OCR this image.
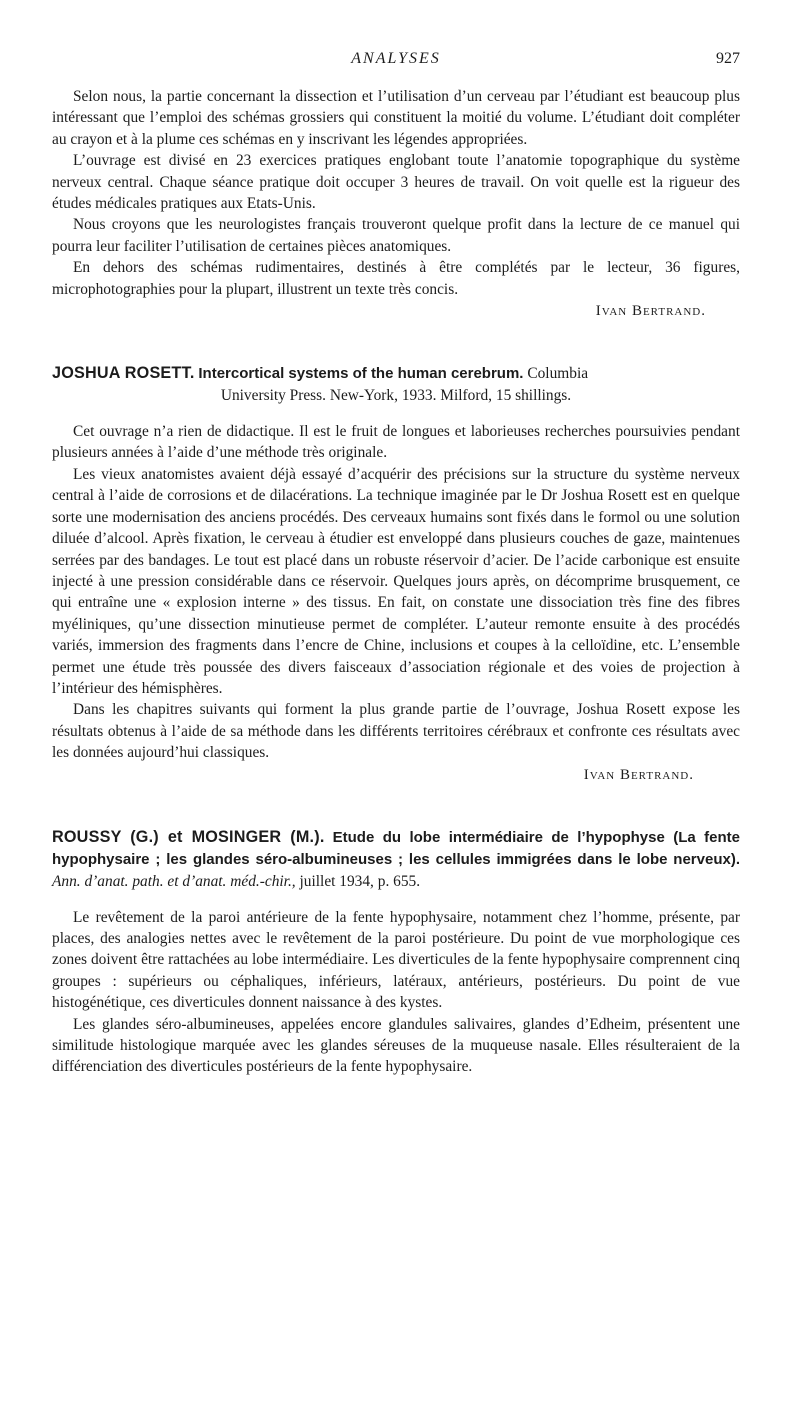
ANALYSES	927

Selon nous, la partie concernant la dissection et l’utilisation d’un cerveau par l’étudiant est beaucoup plus intéressant que l’emploi des schémas grossiers qui constituent la moitié du volume. L’étudiant doit compléter au crayon et à la plume ces schémas en y inscrivant les légendes appropriées.

L’ouvrage est divisé en 23 exercices pratiques englobant toute l’anatomie topographique du système nerveux central. Chaque séance pratique doit occuper 3 heures de travail. On voit quelle est la rigueur des études médicales pratiques aux Etats-Unis.

Nous croyons que les neurologistes français trouveront quelque profit dans la lecture de ce manuel qui pourra leur faciliter l’utilisation de certaines pièces anatomiques.

En dehors des schémas rudimentaires, destinés à être complétés par le lecteur, 36 figures, microphotographies pour la plupart, illustrent un texte très concis.

Ivan Bertrand.
JOSHUA ROSETT. Intercortical systems of the human cerebrum. Columbia
University Press. New-York, 1933. Milford, 15 shillings.

Cet ouvrage n’a rien de didactique. Il est le fruit de longues et laborieuses recherches poursuivies pendant plusieurs années à l’aide d’une méthode très originale.

Les vieux anatomistes avaient déjà essayé d’acquérir des précisions sur la structure du système nerveux central à l’aide de corrosions et de dilacérations. La technique imaginée par le Dr Joshua Rosett est en quelque sorte une modernisation des anciens procédés. Des cerveaux humains sont fixés dans le formol ou une solution diluée d’alcool. Après fixation, le cerveau à étudier est enveloppé dans plusieurs couches de gaze, maintenues serrées par des bandages. Le tout est placé dans un robuste réservoir d’acier. De l’acide carbonique est ensuite injecté à une pression considérable dans ce réservoir. Quelques jours après, on décomprime brusquement, ce qui entraîne une « explosion interne » des tissus. En fait, on constate une dissociation très fine des fibres myéliniques, qu’une dissection minutieuse permet de compléter. L’auteur remonte ensuite à des procédés variés, immersion des fragments dans l’encre de Chine, inclusions et coupes à la celloïdine, etc. L’ensemble permet une étude très poussée des divers faisceaux d’association régionale et des voies de projection à l’intérieur des hémisphères.

Dans les chapitres suivants qui forment la plus grande partie de l’ouvrage, Joshua Rosett expose les résultats obtenus à l’aide de sa méthode dans les différents territoires cérébraux et confronte ces résultats avec les données aujourd’hui classiques.

Ivan Bertrand.
ROUSSY (G.) et MOSINGER (M.). Etude du lobe intermédiaire de l’hypophyse (La fente hypophysaire ; les glandes séro-albumineuses ; les cellules immigrées dans le lobe nerveux). Ann. d’anat. path. et d’anat. méd.-chir., juillet 1934, p. 655.

Le revêtement de la paroi antérieure de la fente hypophysaire, notamment chez l’homme, présente, par places, des analogies nettes avec le revêtement de la paroi postérieure. Du point de vue morphologique ces zones doivent être rattachées au lobe intermédiaire. Les diverticules de la fente hypophysaire comprennent cinq groupes : supérieurs ou céphaliques, inférieurs, latéraux, antérieurs, postérieurs. Du point de vue histogénétique, ces diverticules donnent naissance à des kystes.

Les glandes séro-albumineuses, appelées encore glandules salivaires, glandes d’Edheim, présentent une similitude histologique marquée avec les glandes séreuses de la muqueuse nasale. Elles résulteraient de la différenciation des diverticules postérieurs de la fente hypophysaire.
